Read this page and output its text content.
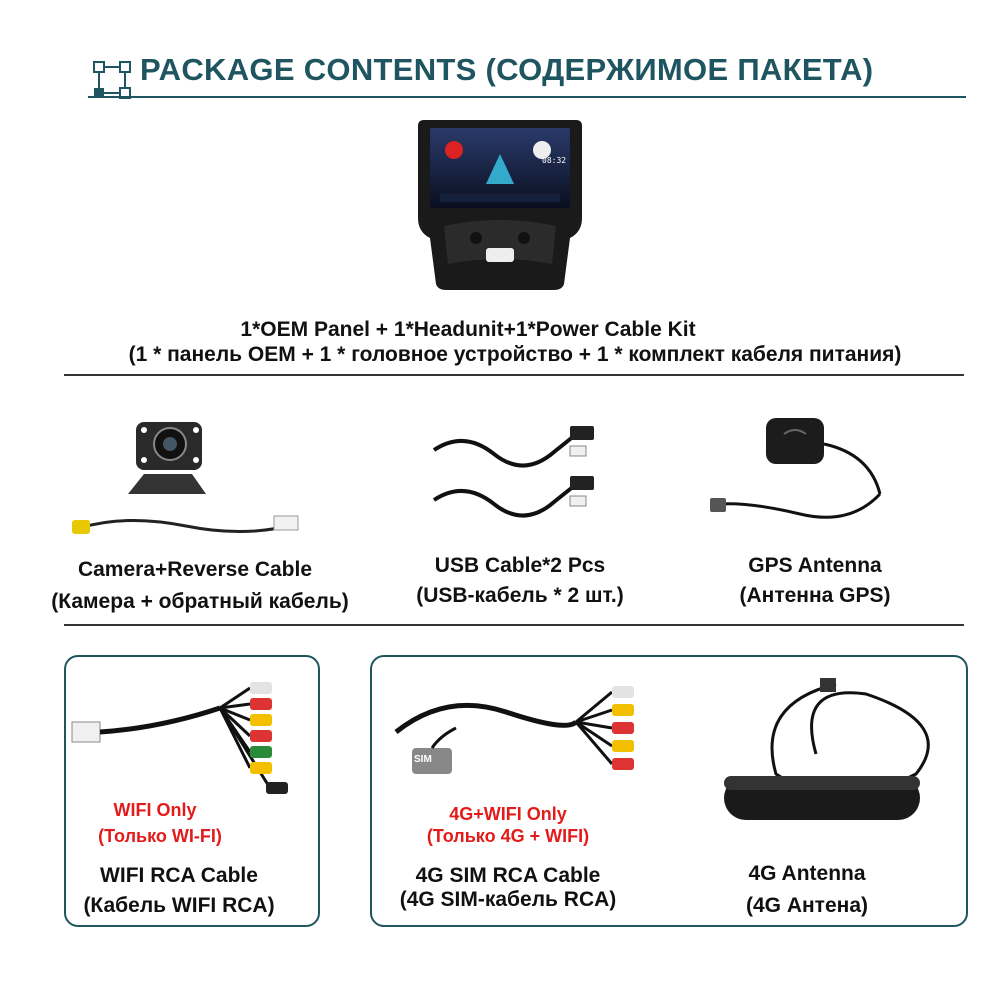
PACKAGE CONTENTS (СОДЕРЖИМОЕ ПАКЕТА)
08:32
1*OEM Panel + 1*Headunit+1*Power Cable Kit
(1 * панель OEM + 1 * головное устройство + 1 * комплект кабеля питания)
Camera+Reverse Cable
(Камера + обратный кабель)
USB Cable*2 Pcs
(USB-кабель * 2 шт.)
GPS Antenna
(Антенна GPS)
WIFI Only
(Только WI-FI)
WIFI RCA Cable
(Кабель WIFI RCA)
SIM
4G+WIFI Only
(Только 4G + WIFI)
4G SIM RCA Cable
(4G SIM-кабель RCA)
4G Antenna
(4G Антена)
